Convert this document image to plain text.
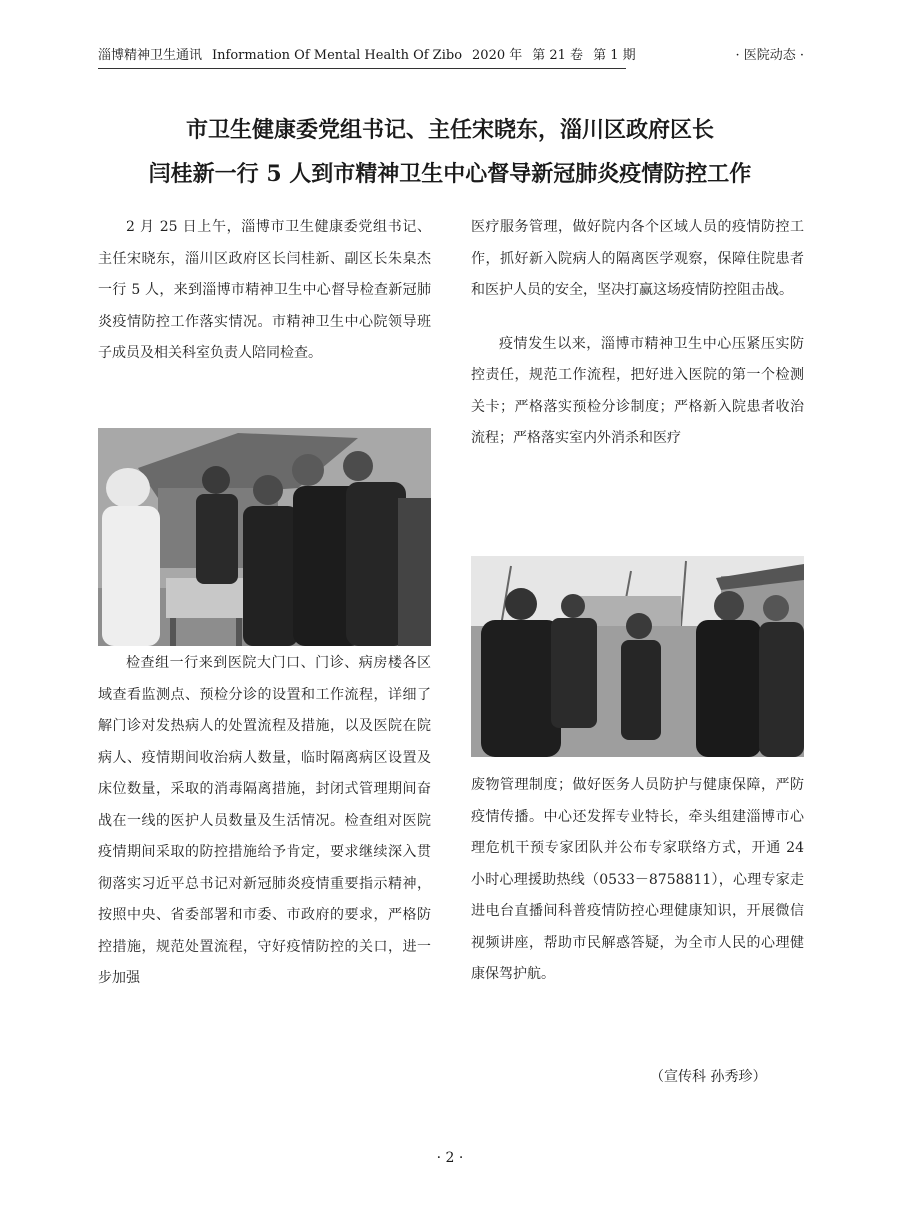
淄博精神卫生通讯 Information Of Mental Health Of Zibo 2020 年 第 21 卷 第 1 期	· 医院动态 ·
市卫生健康委党组书记、主任宋晓东，淄川区政府区长
闫桂新一行 5 人到市精神卫生中心督导新冠肺炎疫情防控工作

2 月 25 日上午，淄博市卫生健康委党组书记、主任宋晓东，淄川区政府区长闫桂新、副区长朱臬杰一行 5 人，来到淄博市精神卫生中心督导检查新冠肺炎疫情防控工作落实情况。市精神卫生中心院领导班子成员及相关科室负责人陪同检查。

检查组一行来到医院大门口、门诊、病房楼各区域查看监测点、预检分诊的设置和工作流程，详细了解门诊对发热病人的处置流程及措施，以及医院在院病人、疫情期间收治病人数量，临时隔离病区设置及床位数量，采取的消毒隔离措施，封闭式管理期间奋战在一线的医护人员数量及生活情况。检查组对医院疫情期间采取的防控措施给予肯定，要求继续深入贯彻落实习近平总书记对新冠肺炎疫情重要指示精神，按照中央、省委部署和市委、市政府的要求，严格防控措施，规范处置流程，守好疫情防控的关口，进一步加强

医疗服务管理，做好院内各个区域人员的疫情防控工作，抓好新入院病人的隔离医学观察，保障住院患者和医护人员的安全，坚决打赢这场疫情防控阻击战。

疫情发生以来，淄博市精神卫生中心压紧压实防控责任，规范工作流程，把好进入医院的第一个检测关卡；严格落实预检分诊制度；严格新入院患者收治流程；严格落实室内外消杀和医疗

废物管理制度；做好医务人员防护与健康保障，严防疫情传播。中心还发挥专业特长，牵头组建淄博市心理危机干预专家团队并公布专家联络方式，开通 24 小时心理援助热线（0533－8758811），心理专家走进电台直播间科普疫情防控心理健康知识，开展微信视频讲座，帮助市民解惑答疑，为全市人民的心理健康保驾护航。

（宣传科 孙秀珍）
· 2 ·
